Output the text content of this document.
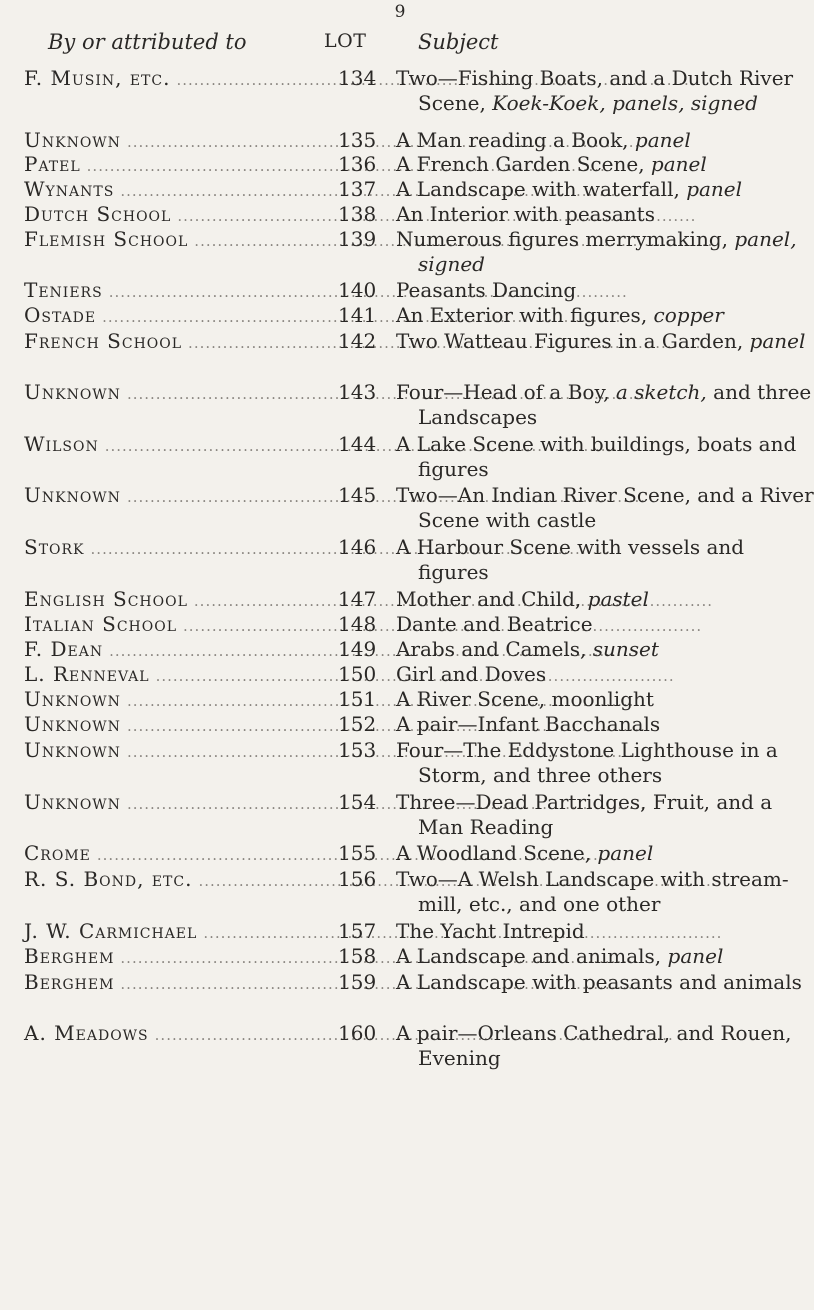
9
By or attributed to	LOT Subject
F. Musin, etc. .....	134 Two—Fishing Boats, and a Dutch River Scene, Koek-Koek, panels, signed
Unknown .....	135 A Man reading a Book, panel
Patel .....	136 A French Garden Scene, panel
Wynants .....	137 A Landscape with waterfall, panel
Dutch School .....	138 An Interior with peasants
Flemish School .....	139 Numerous figures merrymaking, panel, signed
Teniers .....	140 Peasants Dancing
Ostade .....	141 An Exterior with figures, copper
French School .....	142 Two Watteau Figures in a Garden, panel
Unknown .....	143 Four—Head of a Boy, a sketch, and three Landscapes
Wilson .....	144 A Lake Scene with buildings, boats and figures
Unknown .....	145 Two—An Indian River Scene, and a River Scene with castle
Stork .....	146 A Harbour Scene with vessels and figures
English School .....	147 Mother and Child, pastel
Italian School .....	148 Dante and Beatrice
F. Dean .....	149 Arabs and Camels, sunset
L. Renneval .....	150 Girl and Doves
Unknown .....	151 A River Scene, moonlight
Unknown .....	152 A pair—Infant Bacchanals
Unknown .....	153 Four—The Eddystone Lighthouse in a Storm, and three others
Unknown .....	154 Three—Dead Partridges, Fruit, and a Man Reading
Crome .....	155 A Woodland Scene, panel
R. S. Bond, etc. .....	156 Two—A Welsh Landscape with stream-mill, etc., and one other
J. W. Carmichael .....	157 The Yacht Intrepid
Berghem .....	158 A Landscape and animals, panel
Berghem .....	159 A Landscape with peasants and animals
A. Meadows .....	160 A pair—Orleans Cathedral, and Rouen, Evening
